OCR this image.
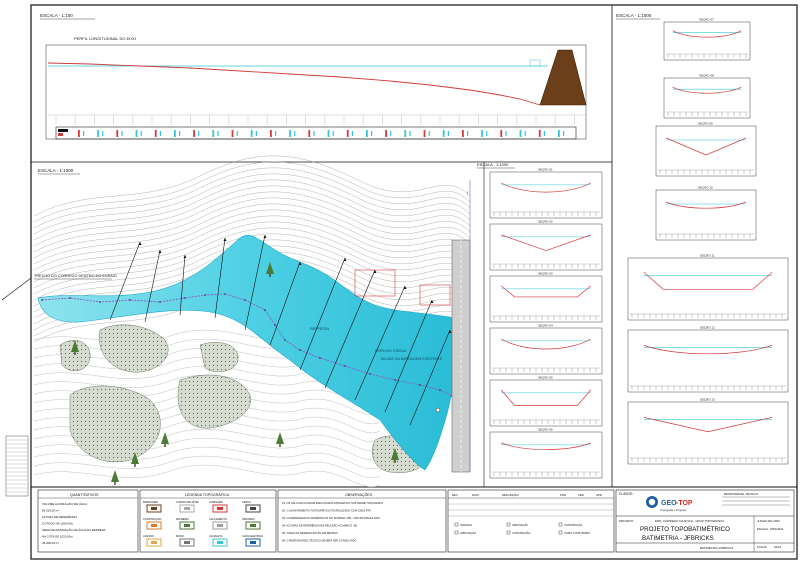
ESCALA - 1:100
PERFIL LONGITUDINAL DO EIXO
ESCALA - 1:1000
TRECHO DO CÓRREGO DENTRO DO ENSAIO
REPRESA
ESPELHO D'ÁGUA
TALUDE DA BARRAGEM EXISTENTE
↑
ESCALA - 1:1000
SEÇÃO 01
SEÇÃO 02
SEÇÃO 03
SEÇÃO 04
SEÇÃO 05
SEÇÃO 06
ESCALA - 1:1000
SEÇÃO 07
SEÇÃO 08
SEÇÃO 09
SEÇÃO 10
SEÇÃO 11
SEÇÃO 12
SEÇÃO 13
QUANTITATIVOS
VOLUME ACUMULADO DE ÁGUA
85.516,00 m³
ALTURA DE REFERÊNCIA
COTA DO NA 1020,00m
ÁREA DE INUNDAÇÃO DE ÁGUA DA REPRESA
NA COTA DE 1020,00m
45.208,00 m²
LEGENDA TOPOGRÁFICA
BARRAGEM	CURVAS DE NÍVEL	LUMINÁRIA	CERCA
CONSTRUÇÃO	PALMEIRA	CALÇAMENTO	ÁRVORES
ACESSO	MURO	CANALETA	CAIXA ELÉTRICA
OBSERVAÇÕES
01- OS CÁLCULOS FORAM EXECUTADOS ATRAVÉS DO SOFTWARE TOPOGRAPH
02- O LEVANTAMENTO TOPOGRÁFICO FOI REALIZADO COM GNSS RTK
03- COORDENADAS PLANIMÉTRICAS NO SISTEMA UTM - DATUM SIRGAS 2000
04- ALTURAS DE REFERÊNCIA EM RELAÇÃO AO MARCO -M1
05- TODAS AS MEDIDAS ESTÃO EM METROS
06- O RESPONSÁVEL TÉCNICO DEVERÁ SER CONSULTADO
REV	DATA	DESCRIÇÃO	POR	VER	APR
ORIGINAL	APROVAÇÃO	CONSTRUÇÃO
APROVAÇÃO	CONSTRUÇÃO	COMO CONSTRUÍDO
CLIENTE:
GEO -TOP
Topografia e Projetos
RESPONSÁVEL TÉCNICO
PROJETO:	END. CÓRREGO DA ROÇA - CRUZ TOPOGRAFIA	JUNHO DE 2023
PROJETO TOPOBATIMÉTRICO
BATIMETRIA - JFBRICKS
ESCALA: INDICADA
BATIMETRIA-JFBRICKS	FOLHA: 01/01
